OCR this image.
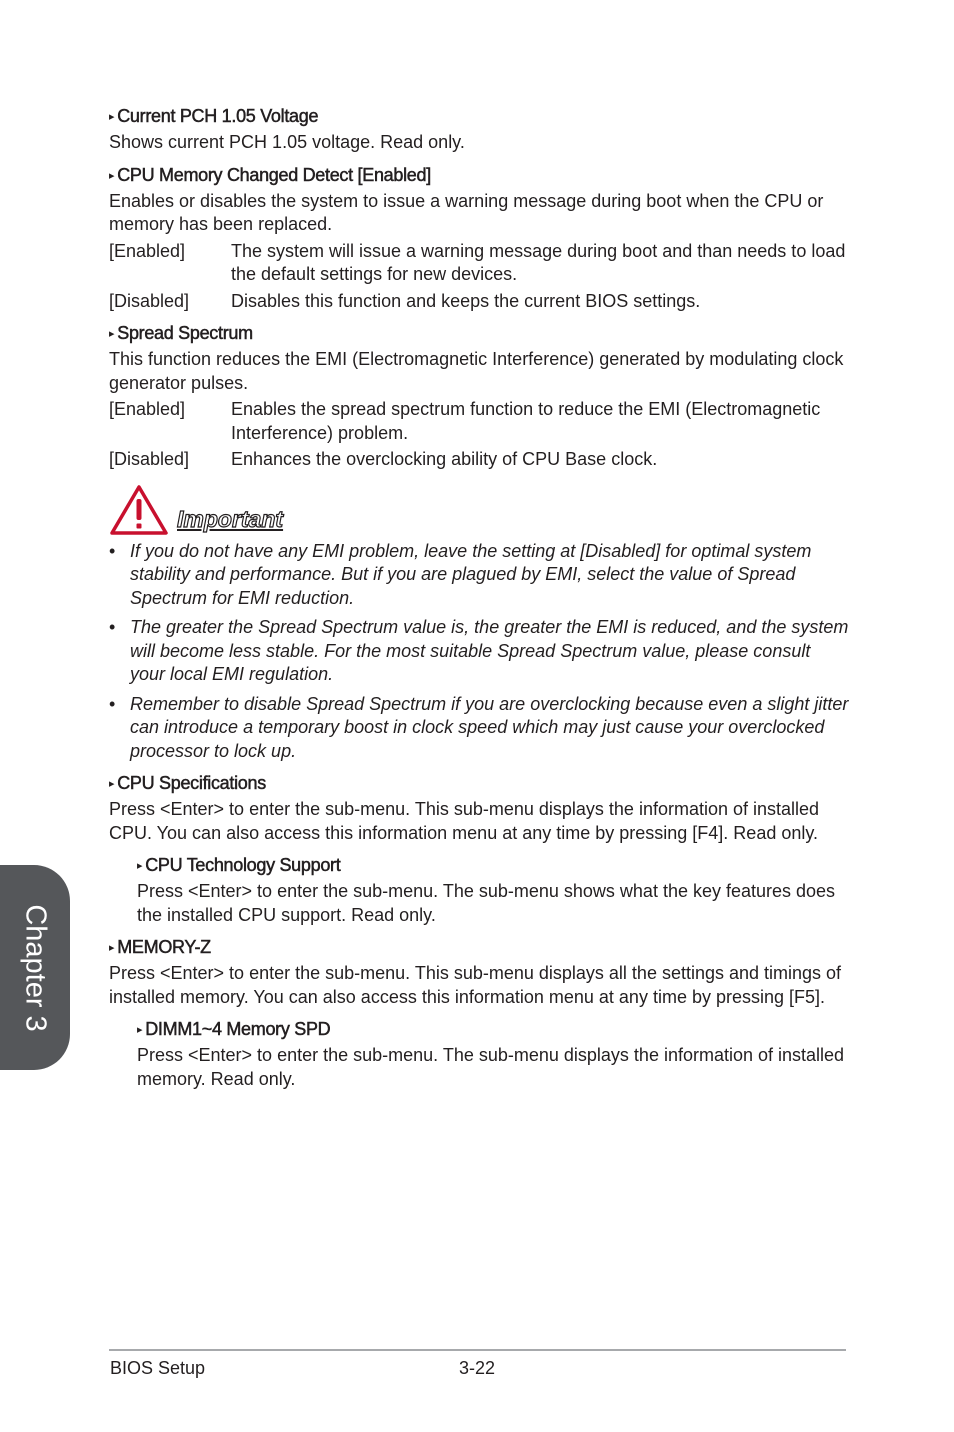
▸ Current PCH 1.05 Voltage

Shows current PCH 1.05 voltage. Read only.

▸ CPU Memory Changed Detect [Enabled]

Enables or disables the system to issue a warning message during boot when the CPU or memory has been replaced.

[Enabled]	The system will issue a warning message during boot and than needs to load the default settings for new devices.
[Disabled]	Disables this function and keeps the current BIOS settings.

▸ Spread Spectrum

This function reduces the EMI (Electromagnetic Interference) generated by modulating clock generator pulses.

[Enabled]	Enables the spread spectrum function to reduce the EMI (Electromagnetic Interference) problem.
[Disabled]	Enhances the overclocking ability of CPU Base clock.
Important
• If you do not have any EMI problem, leave the setting at [Disabled] for optimal system stability and performance. But if you are plagued by EMI, select the value of Spread Spectrum for EMI reduction.
• The greater the Spread Spectrum value is, the greater the EMI is reduced, and the system will become less stable. For the most suitable Spread Spectrum value, please consult your local EMI regulation.
• Remember to disable Spread Spectrum if you are overclocking because even a slight jitter can introduce a temporary boost in clock speed which may just cause your overclocked processor to lock up.

▸ CPU Specifications

Press <Enter> to enter the sub-menu. This sub-menu displays the information of installed CPU. You can also access this information menu at any time by pressing [F4]. Read only.

▸ CPU Technology Support

Press <Enter> to enter the sub-menu. The sub-menu shows what the key features does the installed CPU support. Read only.

▸ MEMORY-Z

Press <Enter> to enter the sub-menu. This sub-menu displays all the settings and timings of installed memory. You can also access this information menu at any time by pressing [F5].

▸ DIMM1~4 Memory SPD

Press <Enter> to enter the sub-menu. The sub-menu displays the information of installed memory. Read only.

Chapter 3
BIOS Setup	3-22
